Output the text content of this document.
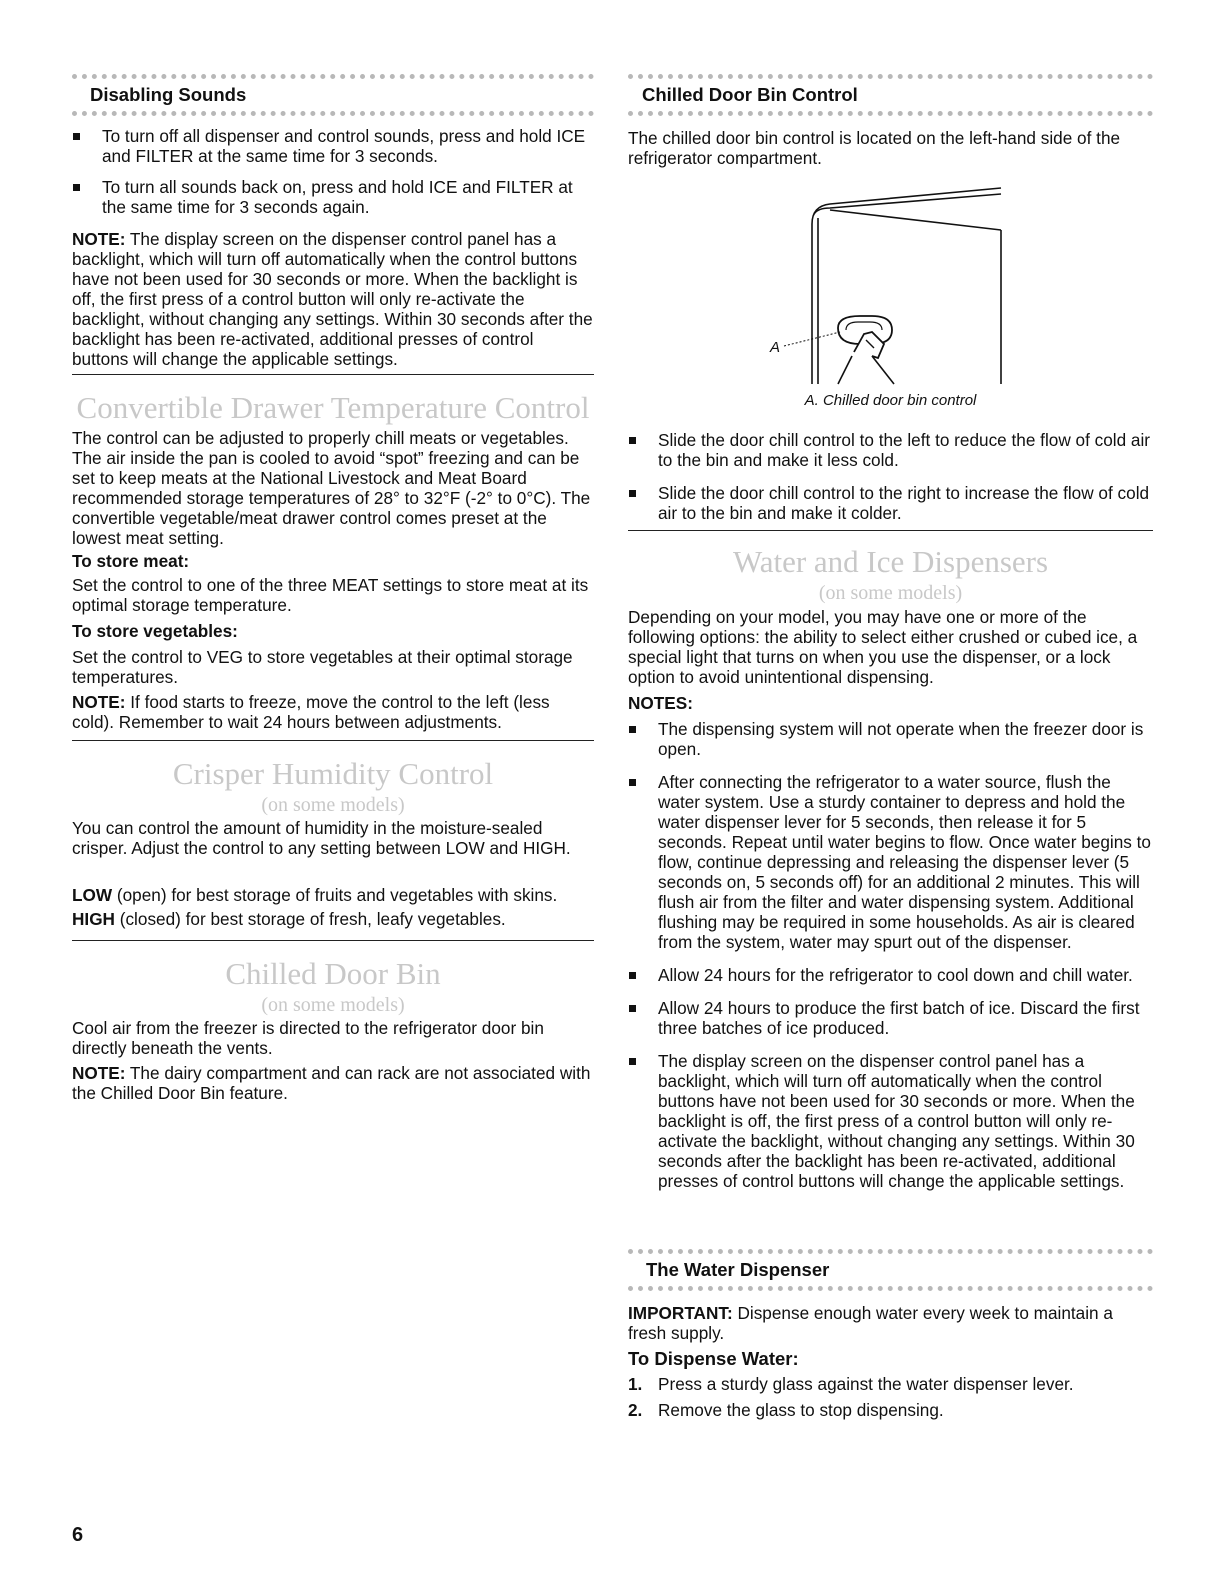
Disabling Sounds
To turn off all dispenser and control sounds, press and hold ICE and FILTER at the same time for 3 seconds.
To turn all sounds back on, press and hold ICE and FILTER at the same time for 3 seconds again.

NOTE: The display screen on the dispenser control panel has a backlight, which will turn off automatically when the control buttons have not been used for 30 seconds or more. When the backlight is off, the first press of a control button will only re-activate the backlight, without changing any settings. Within 30 seconds after the backlight has been re-activated, additional presses of control buttons will change the applicable settings.

Convertible Drawer Temperature Control

The control can be adjusted to properly chill meats or vegetables. The air inside the pan is cooled to avoid “spot” freezing and can be set to keep meats at the National Livestock and Meat Board recommended storage temperatures of 28° to 32°F (-2° to 0°C). The convertible vegetable/meat drawer control comes preset at the lowest meat setting.

To store meat:

Set the control to one of the three MEAT settings to store meat at its optimal storage temperature.

To store vegetables:

Set the control to VEG to store vegetables at their optimal storage temperatures.

NOTE: If food starts to freeze, move the control to the left (less cold). Remember to wait 24 hours between adjustments.

Crisper Humidity Control
(on some models)

You can control the amount of humidity in the moisture-sealed crisper. Adjust the control to any setting between LOW and HIGH.

LOW (open) for best storage of fruits and vegetables with skins.

HIGH (closed) for best storage of fresh, leafy vegetables.

Chilled Door Bin
(on some models)

Cool air from the freezer is directed to the refrigerator door bin directly beneath the vents.

NOTE: The dairy compartment and can rack are not associated with the Chilled Door Bin feature.

Chilled Door Bin Control

The chilled door bin control is located on the left-hand side of the refrigerator compartment.

A
A. Chilled door bin control
Slide the door chill control to the left to reduce the flow of cold air to the bin and make it less cold.
Slide the door chill control to the right to increase the flow of cold air to the bin and make it colder.
Water and Ice Dispensers
(on some models)

Depending on your model, you may have one or more of the following options: the ability to select either crushed or cubed ice, a special light that turns on when you use the dispenser, or a lock option to avoid unintentional dispensing.

NOTES:
The dispensing system will not operate when the freezer door is open.
After connecting the refrigerator to a water source, flush the water system. Use a sturdy container to depress and hold the water dispenser lever for 5 seconds, then release it for 5 seconds. Repeat until water begins to flow. Once water begins to flow, continue depressing and releasing the dispenser lever (5 seconds on, 5 seconds off) for an additional 2 minutes. This will flush air from the filter and water dispensing system. Additional flushing may be required in some households. As air is cleared from the system, water may spurt out of the dispenser.
Allow 24 hours for the refrigerator to cool down and chill water.
Allow 24 hours to produce the first batch of ice. Discard the first three batches of ice produced.
The display screen on the dispenser control panel has a backlight, which will turn off automatically when the control buttons have not been used for 30 seconds or more. When the backlight is off, the first press of a control button will only re-activate the backlight, without changing any settings. Within 30 seconds after the backlight has been re-activated, additional presses of control buttons will change the applicable settings.
The Water Dispenser

IMPORTANT: Dispense enough water every week to maintain a fresh supply.

To Dispense Water:
1. Press a sturdy glass against the water dispenser lever.
2. Remove the glass to stop dispensing.
6
